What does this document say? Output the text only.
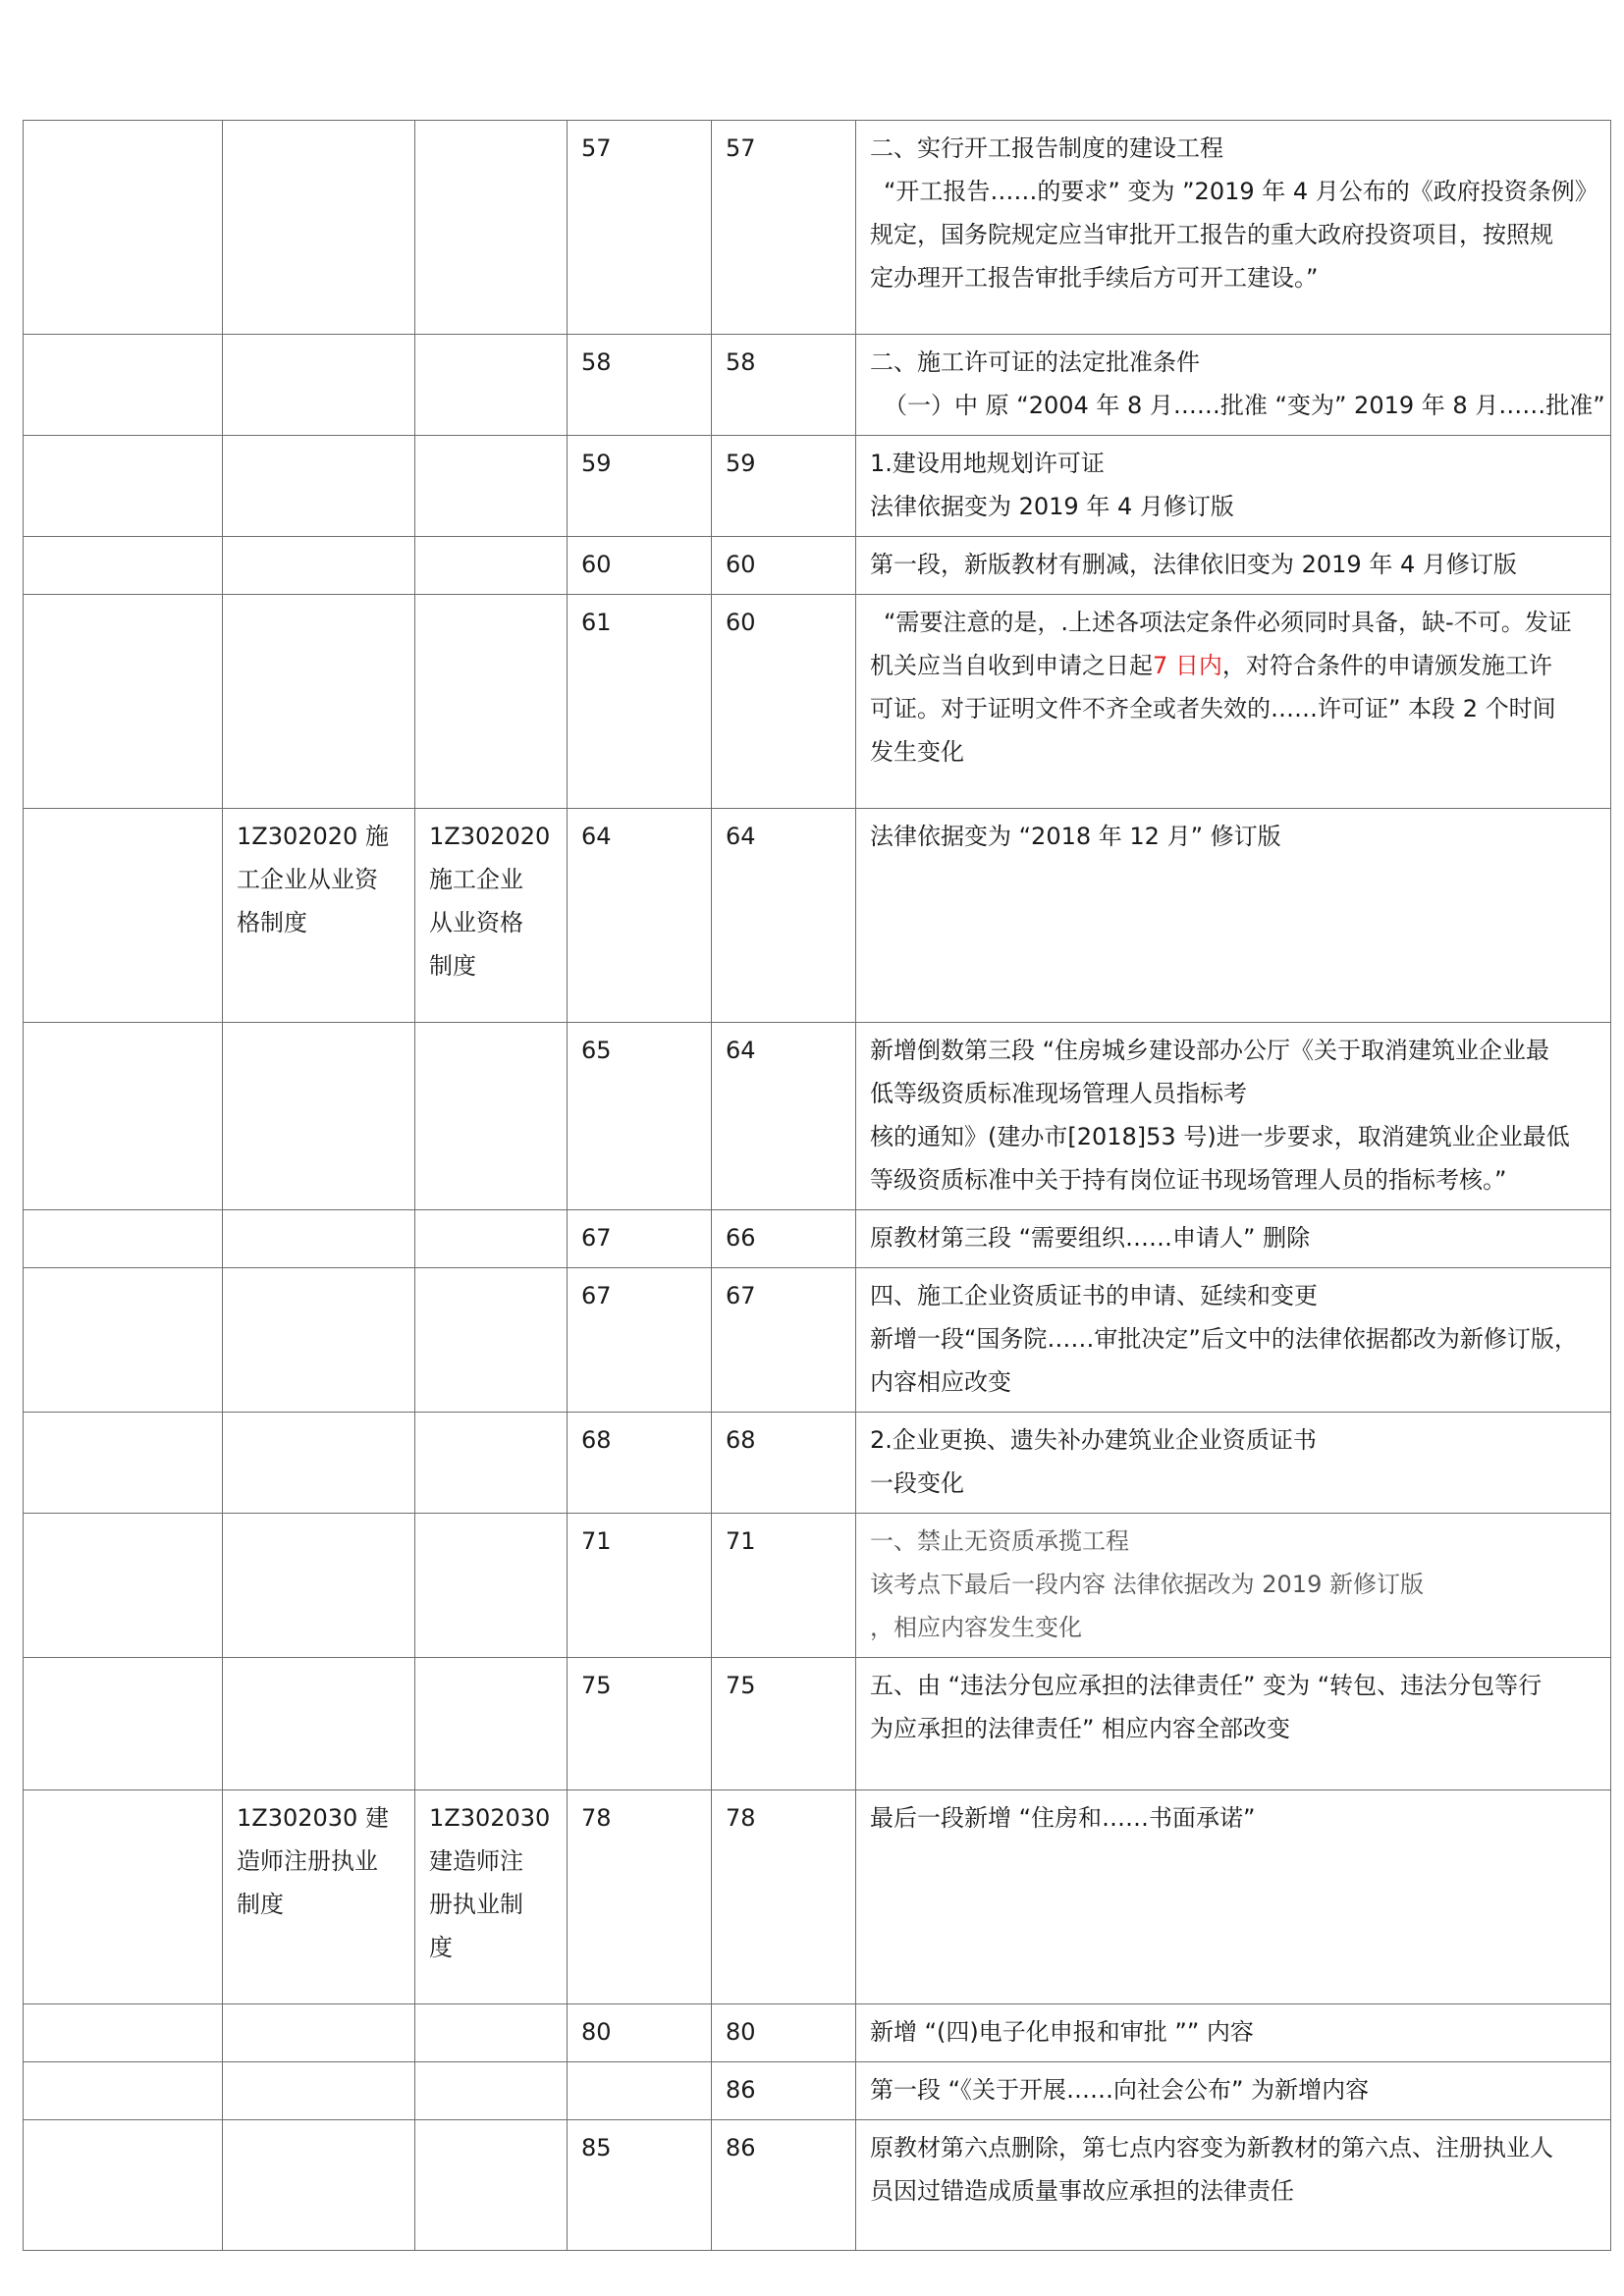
			57	57	二、实行开工报告制度的建设工程
“开工报告……的要求” 变为 ”2019 年 4 月公布的《政府投资条例》
规定，国务院规定应当审批开工报告的重大政府投资项目，按照规
定办理开工报告审批手续后方可开工建设。”

			58	58	二、施工许可证的法定批准条件
（一）中 原 “2004 年 8 月……批准 “变为” 2019 年 8 月……批准”

			59	59	1.建设用地规划许可证
法律依据变为 2019 年 4 月修订版

			60	60	第一段，新版教材有删减，法律依旧变为 2019 年 4 月修订版

			61	60	“需要注意的是，.上述各项法定条件必须同时具备，缺-不可。发证
机关应当自收到申请之日起7 日内，对符合条件的申请颁发施工许
可证。对于证明文件不齐全或者失效的……许可证” 本段 2 个时间
发生变化

	1Z302020 施
工企业从业资
格制度	1Z302020
施工企业
从业资格
制度	64	64	法律依据变为 “2018 年 12 月” 修订版

			65	64	新增倒数第三段 “住房城乡建设部办公厅《关于取消建筑业企业最
低等级资质标准现场管理人员指标考
核的通知》(建办市[2018]53 号)进一步要求，取消建筑业企业最低
等级资质标准中关于持有岗位证书现场管理人员的指标考核。”

			67	66	原教材第三段 “需要组织……申请人” 删除

			67	67	四、施工企业资质证书的申请、延续和变更
新增一段“国务院……审批决定”后文中的法律依据都改为新修订版，
内容相应改变

			68	68	2.企业更换、遗失补办建筑业企业资质证书
一段变化

			71	71	一、禁止无资质承揽工程
该考点下最后一段内容 法律依据改为 2019 新修订版
，相应内容发生变化

			75	75	五、由 “违法分包应承担的法律责任” 变为 “转包、违法分包等行
为应承担的法律责任” 相应内容全部改变

	1Z302030 建
造师注册执业
制度	1Z302030
建造师注
册执业制
度	78	78	最后一段新增 “住房和……书面承诺”

			80	80	新增 “(四)电子化申报和审批 ”” 内容

				86	第一段 “《关于开展……向社会公布” 为新增内容

			85	86	原教材第六点删除，第七点内容变为新教材的第六点、注册执业人
员因过错造成质量事故应承担的法律责任
